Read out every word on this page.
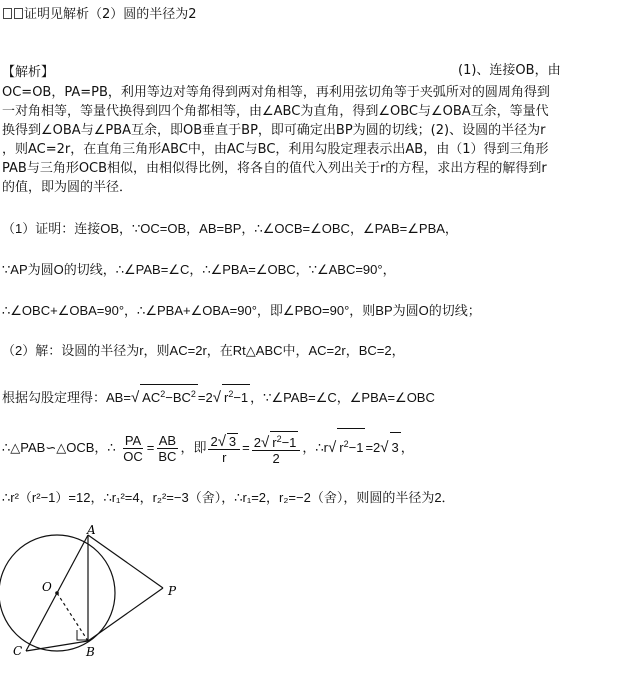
证明见解析（2）圆的半径为2
【解析】	(1)、连接OB，由
OC=OB，PA=PB，利用等边对等角得到两对角相等，再利用弦切角等于夹弧所对的圆周角得到
一对角相等，等量代换得到四个角都相等，由∠ABC为直角，得到∠OBC与∠OBA互余，等量代
换得到∠OBA与∠PBA互余，即OB垂直于BP，即可确定出BP为圆的切线；(2)、设圆的半径为r
，则AC=2r，在直角三角形ABC中，由AC与BC，利用勾股定理表示出AB，由（1）得到三角形
PAB与三角形OCB相似，由相似得比例，将各自的值代入列出关于r的方程，求出方程的解得到r
的值，即为圆的半径．
（1）证明：连接OB，∵OC=OB，AB=BP，∴∠OCB=∠OBC，∠PAB=∠PBA，
∵AP为圆O的切线，∴∠PAB=∠C，∴∠PBA=∠OBC，∵∠ABC=90°，
∴∠OBC+∠OBA=90°，∴∠PBA+∠OBA=90°，即∠PBO=90°，则BP为圆O的切线；
（2）解：设圆的半径为r，则AC=2r，在Rt△ABC中，AC=2r，BC=2，
根据勾股定理得：AB=√ $AC^2-BC^2 =2√$ $r^2-1$ ，∵∠PAB=∠C，∠PBA=∠OBC
∴△PAB∽△OCB，∴ $\frac{PA}{OC} = \frac{AB}{BC}$ ，即 $\frac{2√ 3}{r} = \frac{2√ r^2-1}{2}$ ，∴r√ $r^2-1 =2√$ 3 ，
∴r²（r²−1）=12，∴r₁²=4，r₂²=−3（舍），∴r₁=2，r₂=−2（舍），则圆的半径为2．
A
O
C	B
P
